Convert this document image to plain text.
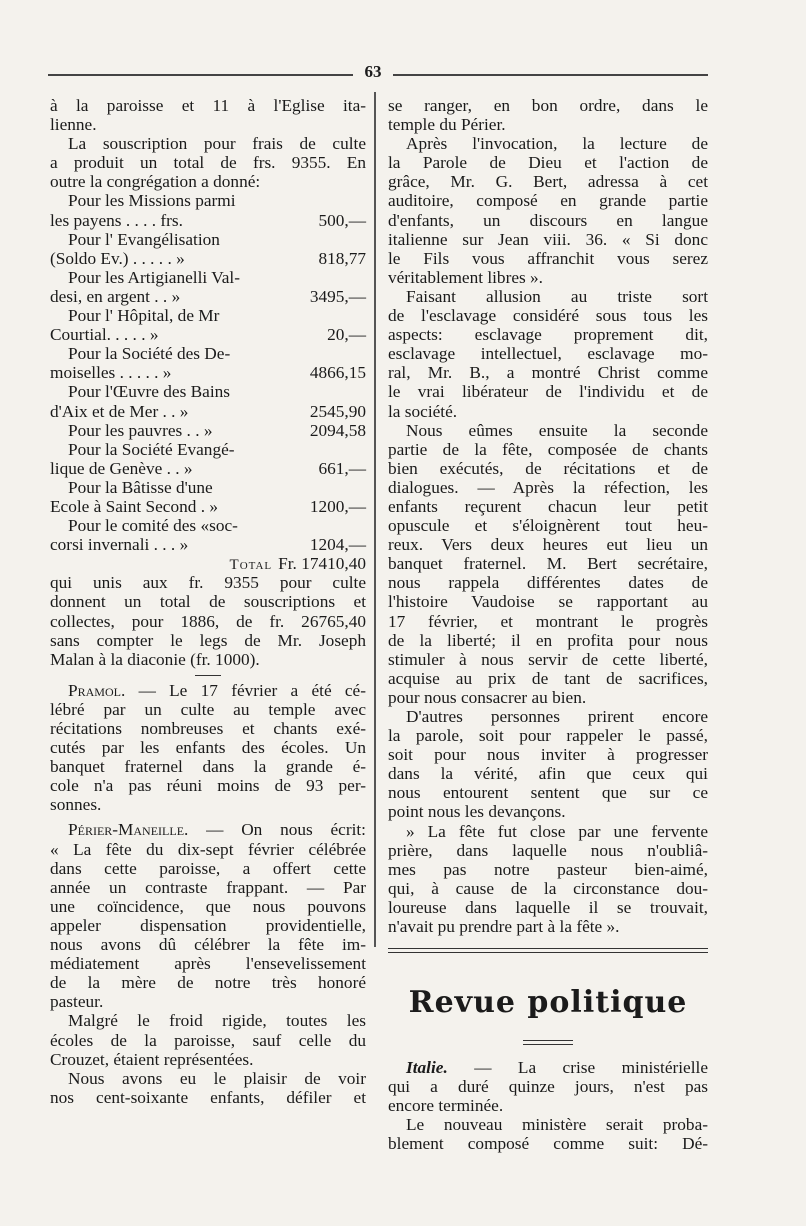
63
à la paroisse et 11 à l'Eglise ita-
lienne.
La souscription pour frais de culte
a produit un total de frs. 9355. En
outre la congrégation a donné:
Pour les Missions parmi
les payens . . . . frs.	500,—
Pour l' Evangélisation
(Soldo Ev.) . . . . . »	818,77
Pour les Artigianelli Val-
desi, en argent . . »	3495,—
Pour l' Hôpital, de Mr
Courtial. . . . . »	20,—
Pour la Société des De-
moiselles . . . . . »	4866,15
Pour l'Œuvre des Bains
d'Aix et de Mer . . »	2545,90
Pour les pauvres . . »	2094,58
Pour la Société Evangé-
lique de Genève . . »	661,—
Pour la Bâtisse d'une
Ecole à Saint Second . »	1200,—
Pour le comité des «soc-
corsi invernali . . . »	1204,—
Total Fr. 17410,40
qui unis aux fr. 9355 pour culte
donnent un total de souscriptions et
collectes, pour 1886, de fr. 26765,40
sans compter le legs de Mr. Joseph
Malan à la diaconie (fr. 1000).
Pramol. — Le 17 février a été cé-
lébré par un culte au temple avec
récitations nombreuses et chants exé-
cutés par les enfants des écoles. Un
banquet fraternel dans la grande é-
cole n'a pas réuni moins de 93 per-
sonnes.
Périer-Maneille. — On nous écrit:
« La fête du dix-sept février célébrée
dans cette paroisse, a offert cette
année un contraste frappant. — Par
une coïncidence, que nous pouvons
appeler dispensation providentielle,
nous avons dû célébrer la fête im-
médiatement après l'ensevelissement
de la mère de notre très honoré
pasteur.
Malgré le froid rigide, toutes les
écoles de la paroisse, sauf celle du
Crouzet, étaient représentées.
Nous avons eu le plaisir de voir
nos cent-soixante enfants, défiler et
se ranger, en bon ordre, dans le
temple du Périer.
Après l'invocation, la lecture de
la Parole de Dieu et l'action de
grâce, Mr. G. Bert, adressa à cet
auditoire, composé en grande partie
d'enfants, un discours en langue
italienne sur Jean viii. 36. « Si donc
le Fils vous affranchit vous serez
véritablement libres ».
Faisant allusion au triste sort
de l'esclavage considéré sous tous les
aspects: esclavage proprement dit,
esclavage intellectuel, esclavage mo-
ral, Mr. B., a montré Christ comme
le vrai libérateur de l'individu et de
la société.
Nous eûmes ensuite la seconde
partie de la fête, composée de chants
bien exécutés, de récitations et de
dialogues. — Après la réfection, les
enfants reçurent chacun leur petit
opuscule et s'éloignèrent tout heu-
reux. Vers deux heures eut lieu un
banquet fraternel. M. Bert secrétaire,
nous rappela différentes dates de
l'histoire Vaudoise se rapportant au
17 février, et montrant le progrès
de la liberté; il en profita pour nous
stimuler à nous servir de cette liberté,
acquise au prix de tant de sacrifices,
pour nous consacrer au bien.
D'autres personnes prirent encore
la parole, soit pour rappeler le passé,
soit pour nous inviter à progresser
dans la vérité, afin que ceux qui
nous entourent sentent que sur ce
point nous les devançons.
» La fête fut close par une fervente
prière, dans laquelle nous n'oubliâ-
mes pas notre pasteur bien-aimé,
qui, à cause de la circonstance dou-
loureuse dans laquelle il se trouvait,
n'avait pu prendre part à la fête ».
Revue politique
Italie. — La crise ministérielle
qui a duré quinze jours, n'est pas
encore terminée.
Le nouveau ministère serait proba-
blement composé comme suit: Dé-
